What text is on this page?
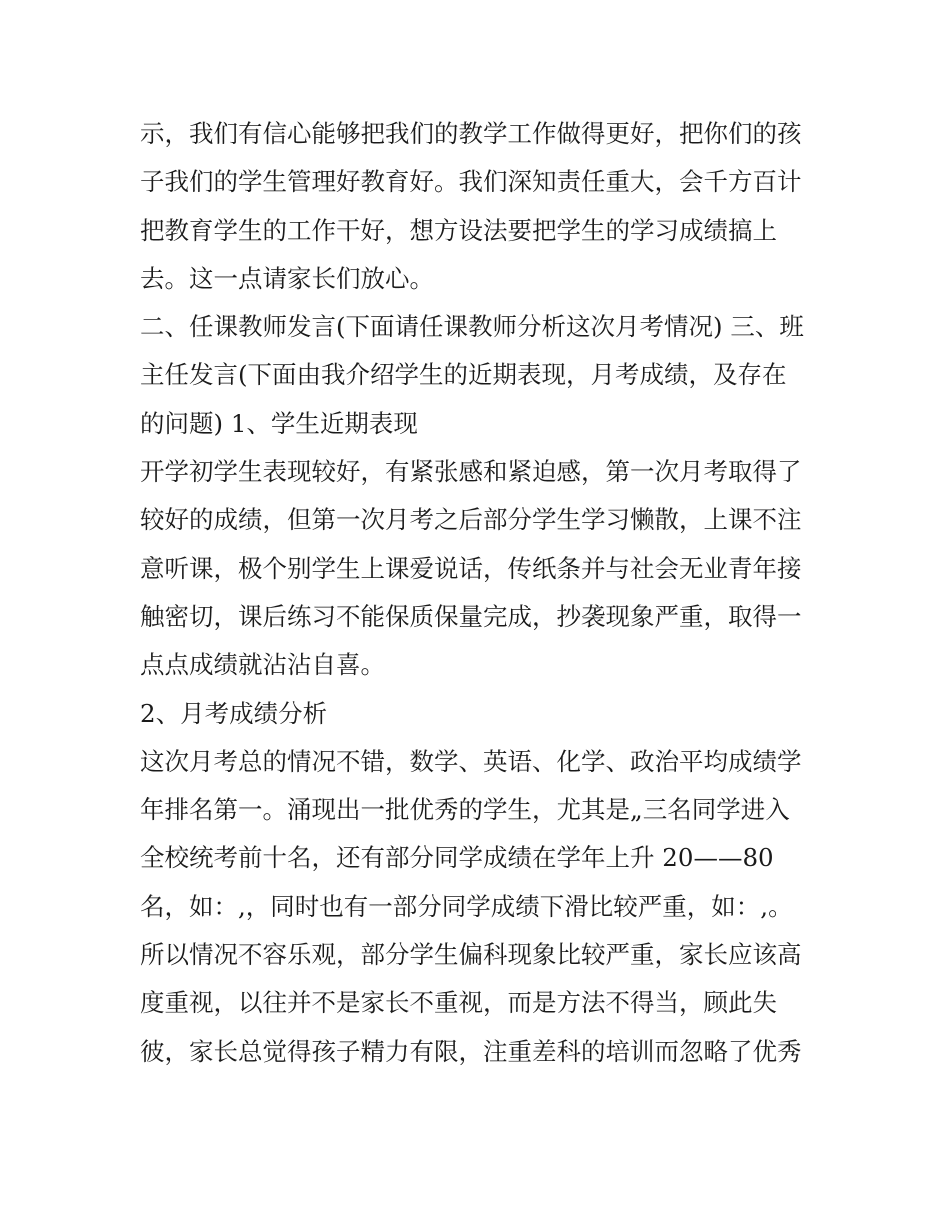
示，我们有信心能够把我们的教学工作做得更好，把你们的孩
子我们的学生管理好教育好。我们深知责任重大，会千方百计
把教育学生的工作干好，想方设法要把学生的学习成绩搞上
去。这一点请家长们放心。
二、任课教师发言(下面请任课教师分析这次月考情况) 三、班
主任发言(下面由我介绍学生的近期表现，月考成绩，及存在
的问题) 1、学生近期表现
开学初学生表现较好，有紧张感和紧迫感，第一次月考取得了
较好的成绩，但第一次月考之后部分学生学习懒散，上课不注
意听课，极个别学生上课爱说话，传纸条并与社会无业青年接
触密切，课后练习不能保质保量完成，抄袭现象严重，取得一
点点成绩就沾沾自喜。
2、月考成绩分析
这次月考总的情况不错，数学、英语、化学、政治平均成绩学
年排名第一。涌现出一批优秀的学生，尤其是„三名同学进入
全校统考前十名，还有部分同学成绩在学年上升 20——80
名，如：,，同时也有一部分同学成绩下滑比较严重，如：,。
所以情况不容乐观，部分学生偏科现象比较严重，家长应该高
度重视，以往并不是家长不重视，而是方法不得当，顾此失
彼，家长总觉得孩子精力有限，注重差科的培训而忽略了优秀
